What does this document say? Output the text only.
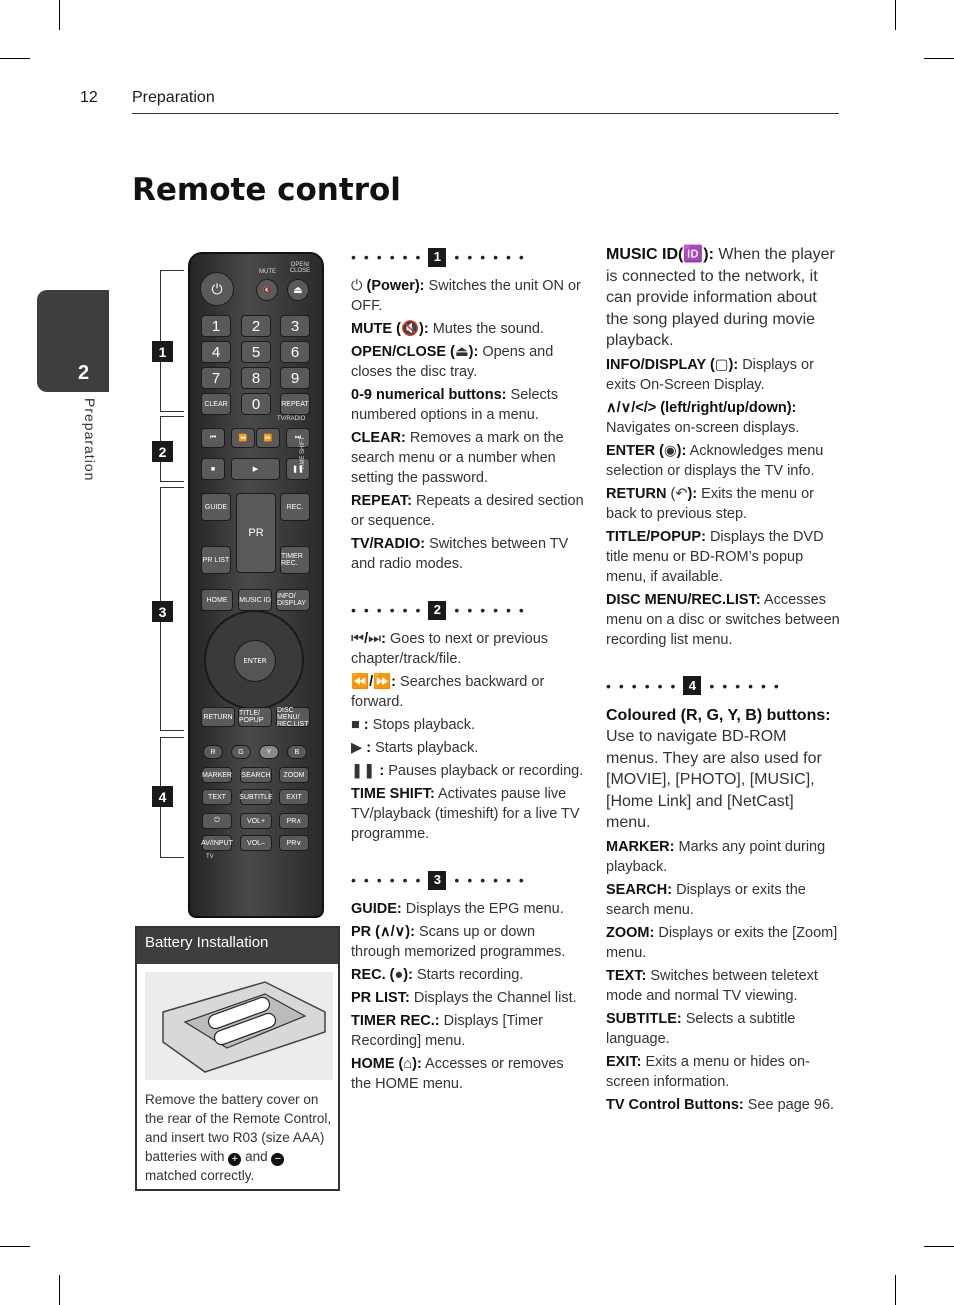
12 Preparation
2
Preparation
Remote control
1
2
3
4
MUTE
OPEN/ CLOSE
⏻	🔇	⏏
1	2	3
4	5	6
7	8	9
CLEAR	0	REPEAT
TV/RADIO
⏮	⏪	⏩	⏭
■	▶	❚❚
TIME SHIFT
GUIDE
PR
REC.
PR LIST	TIMER REC.
HOME	MUSIC ID INFO/ DISPLAY
ENTER
RETURN TITLE/ POPUP
DISC MENU/ REC.LIST
R	G	Y	B
MARKER SEARCH	ZOOM
TEXT	SUBTITLE	EXIT
⏻	VOL+	PR∧
AV/INPUT	VOL–	PR∨
TV
Battery Installation
Remove the battery cover on the rear of the Remote Control, and insert two R03 (size AAA) batteries with + and − matched correctly.
•••••• 1 ••••••
⏻ (Power): Switches the unit ON or OFF.
MUTE (🔇): Mutes the sound.
OPEN/CLOSE (⏏): Opens and closes the disc tray.
0-9 numerical buttons: Selects numbered options in a menu.
CLEAR: Removes a mark on the search menu or a number when setting the password.
REPEAT: Repeats a desired section or sequence.
TV/RADIO: Switches between TV and radio modes.
•••••• 2 ••••••
⏮/⏭: Goes to next or previous chapter/track/file.
⏪/⏩: Searches backward or forward.
■ : Stops playback.
▶ : Starts playback.
❚❚ : Pauses playback or recording.
TIME SHIFT: Activates pause live TV/playback (timeshift) for a live TV programme.
•••••• 3 ••••••
GUIDE: Displays the EPG menu.
PR (∧/∨): Scans up or down through memorized programmes.
REC. (●): Starts recording.
PR LIST: Displays the Channel list.
TIMER REC.: Displays [Timer Recording] menu.
HOME (⌂): Accesses or removes the HOME menu.
MUSIC ID(🆔): When the player is connected to the network, it can provide information about the song played during movie playback.
INFO/DISPLAY (▢): Displays or exits On-Screen Display.
∧/∨/</> (left/right/up/down): Navigates on-screen displays.
ENTER (◉): Acknowledges menu selection or displays the TV info.
RETURN (↶): Exits the menu or back to previous step.
TITLE/POPUP: Displays the DVD title menu or BD-ROM’s popup menu, if available.
DISC MENU/REC.LIST: Accesses menu on a disc or switches between recording list menu.
•••••• 4 ••••••
Coloured (R, G, Y, B) buttons: Use to navigate BD-ROM menus. They are also used for [MOVIE], [PHOTO], [MUSIC], [Home Link] and [NetCast] menu.
MARKER: Marks any point during playback.
SEARCH: Displays or exits the search menu.
ZOOM: Displays or exits the [Zoom] menu.
TEXT: Switches between teletext mode and normal TV viewing.
SUBTITLE: Selects a subtitle language.
EXIT: Exits a menu or hides on-screen information.
TV Control Buttons: See page 96.
